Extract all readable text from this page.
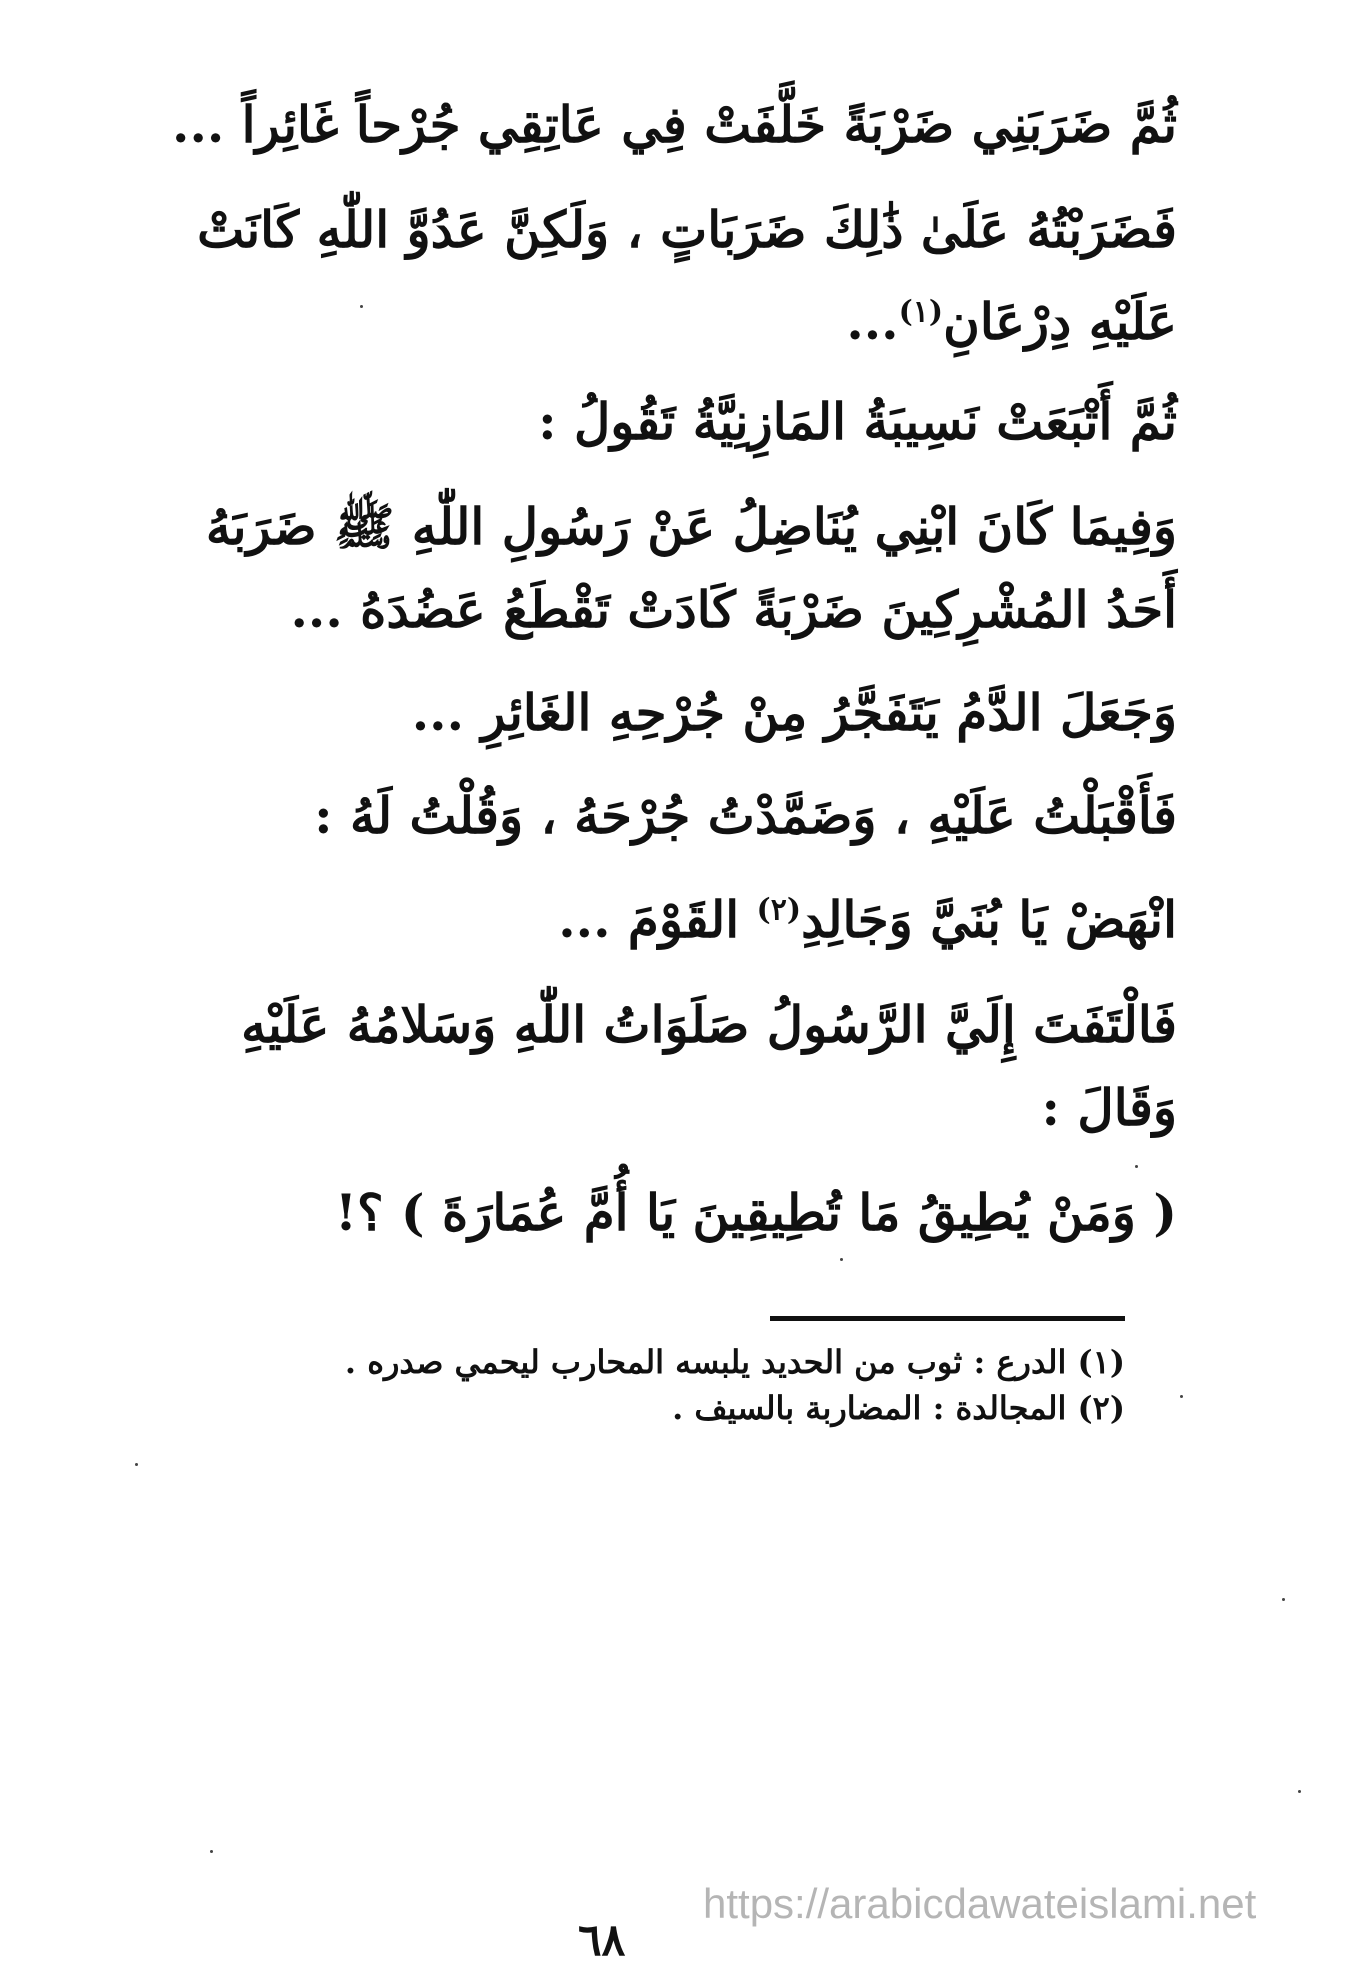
ثُمَّ ضَرَبَنِي ضَرْبَةً خَلَّفَتْ فِي عَاتِقِي جُرْحاً غَائِراً ...
فَضَرَبْتُهُ عَلَىٰ ذَٰلِكَ ضَرَبَاتٍ ، وَلَكِنَّ عَدُوَّ اللّٰهِ كَانَتْ
عَلَيْهِ دِرْعَانِ$^{(١)}$...
ثُمَّ أَتْبَعَتْ نَسِيبَةُ المَازِنِيَّةُ تَقُولُ :
وَفِيمَا كَانَ ابْنِي يُنَاضِلُ عَنْ رَسُولِ اللّٰهِ ﷺ ضَرَبَهُ
أَحَدُ المُشْرِكِينَ ضَرْبَةً كَادَتْ تَقْطَعُ عَضُدَهُ ...
وَجَعَلَ الدَّمُ يَتَفَجَّرُ مِنْ جُرْحِهِ الغَائِرِ ...
فَأَقْبَلْتُ عَلَيْهِ ، وَضَمَّدْتُ جُرْحَهُ ، وَقُلْتُ لَهُ :
انْهَضْ يَا بُنَيَّ وَجَالِدِ$^{(٢)}$ القَوْمَ ...
فَالْتَفَتَ إِلَيَّ الرَّسُولُ صَلَوَاتُ اللّٰهِ وَسَلامُهُ عَلَيْهِ
وَقَالَ :
( وَمَنْ يُطِيقُ مَا تُطِيقِينَ يَا أُمَّ عُمَارَةَ ) ؟!
(١) الدرع : ثوب من الحديد يلبسه المحارب ليحمي صدره .
(٢) المجالدة : المضاربة بالسيف .
https://arabicdawateislami.net
٦٨
